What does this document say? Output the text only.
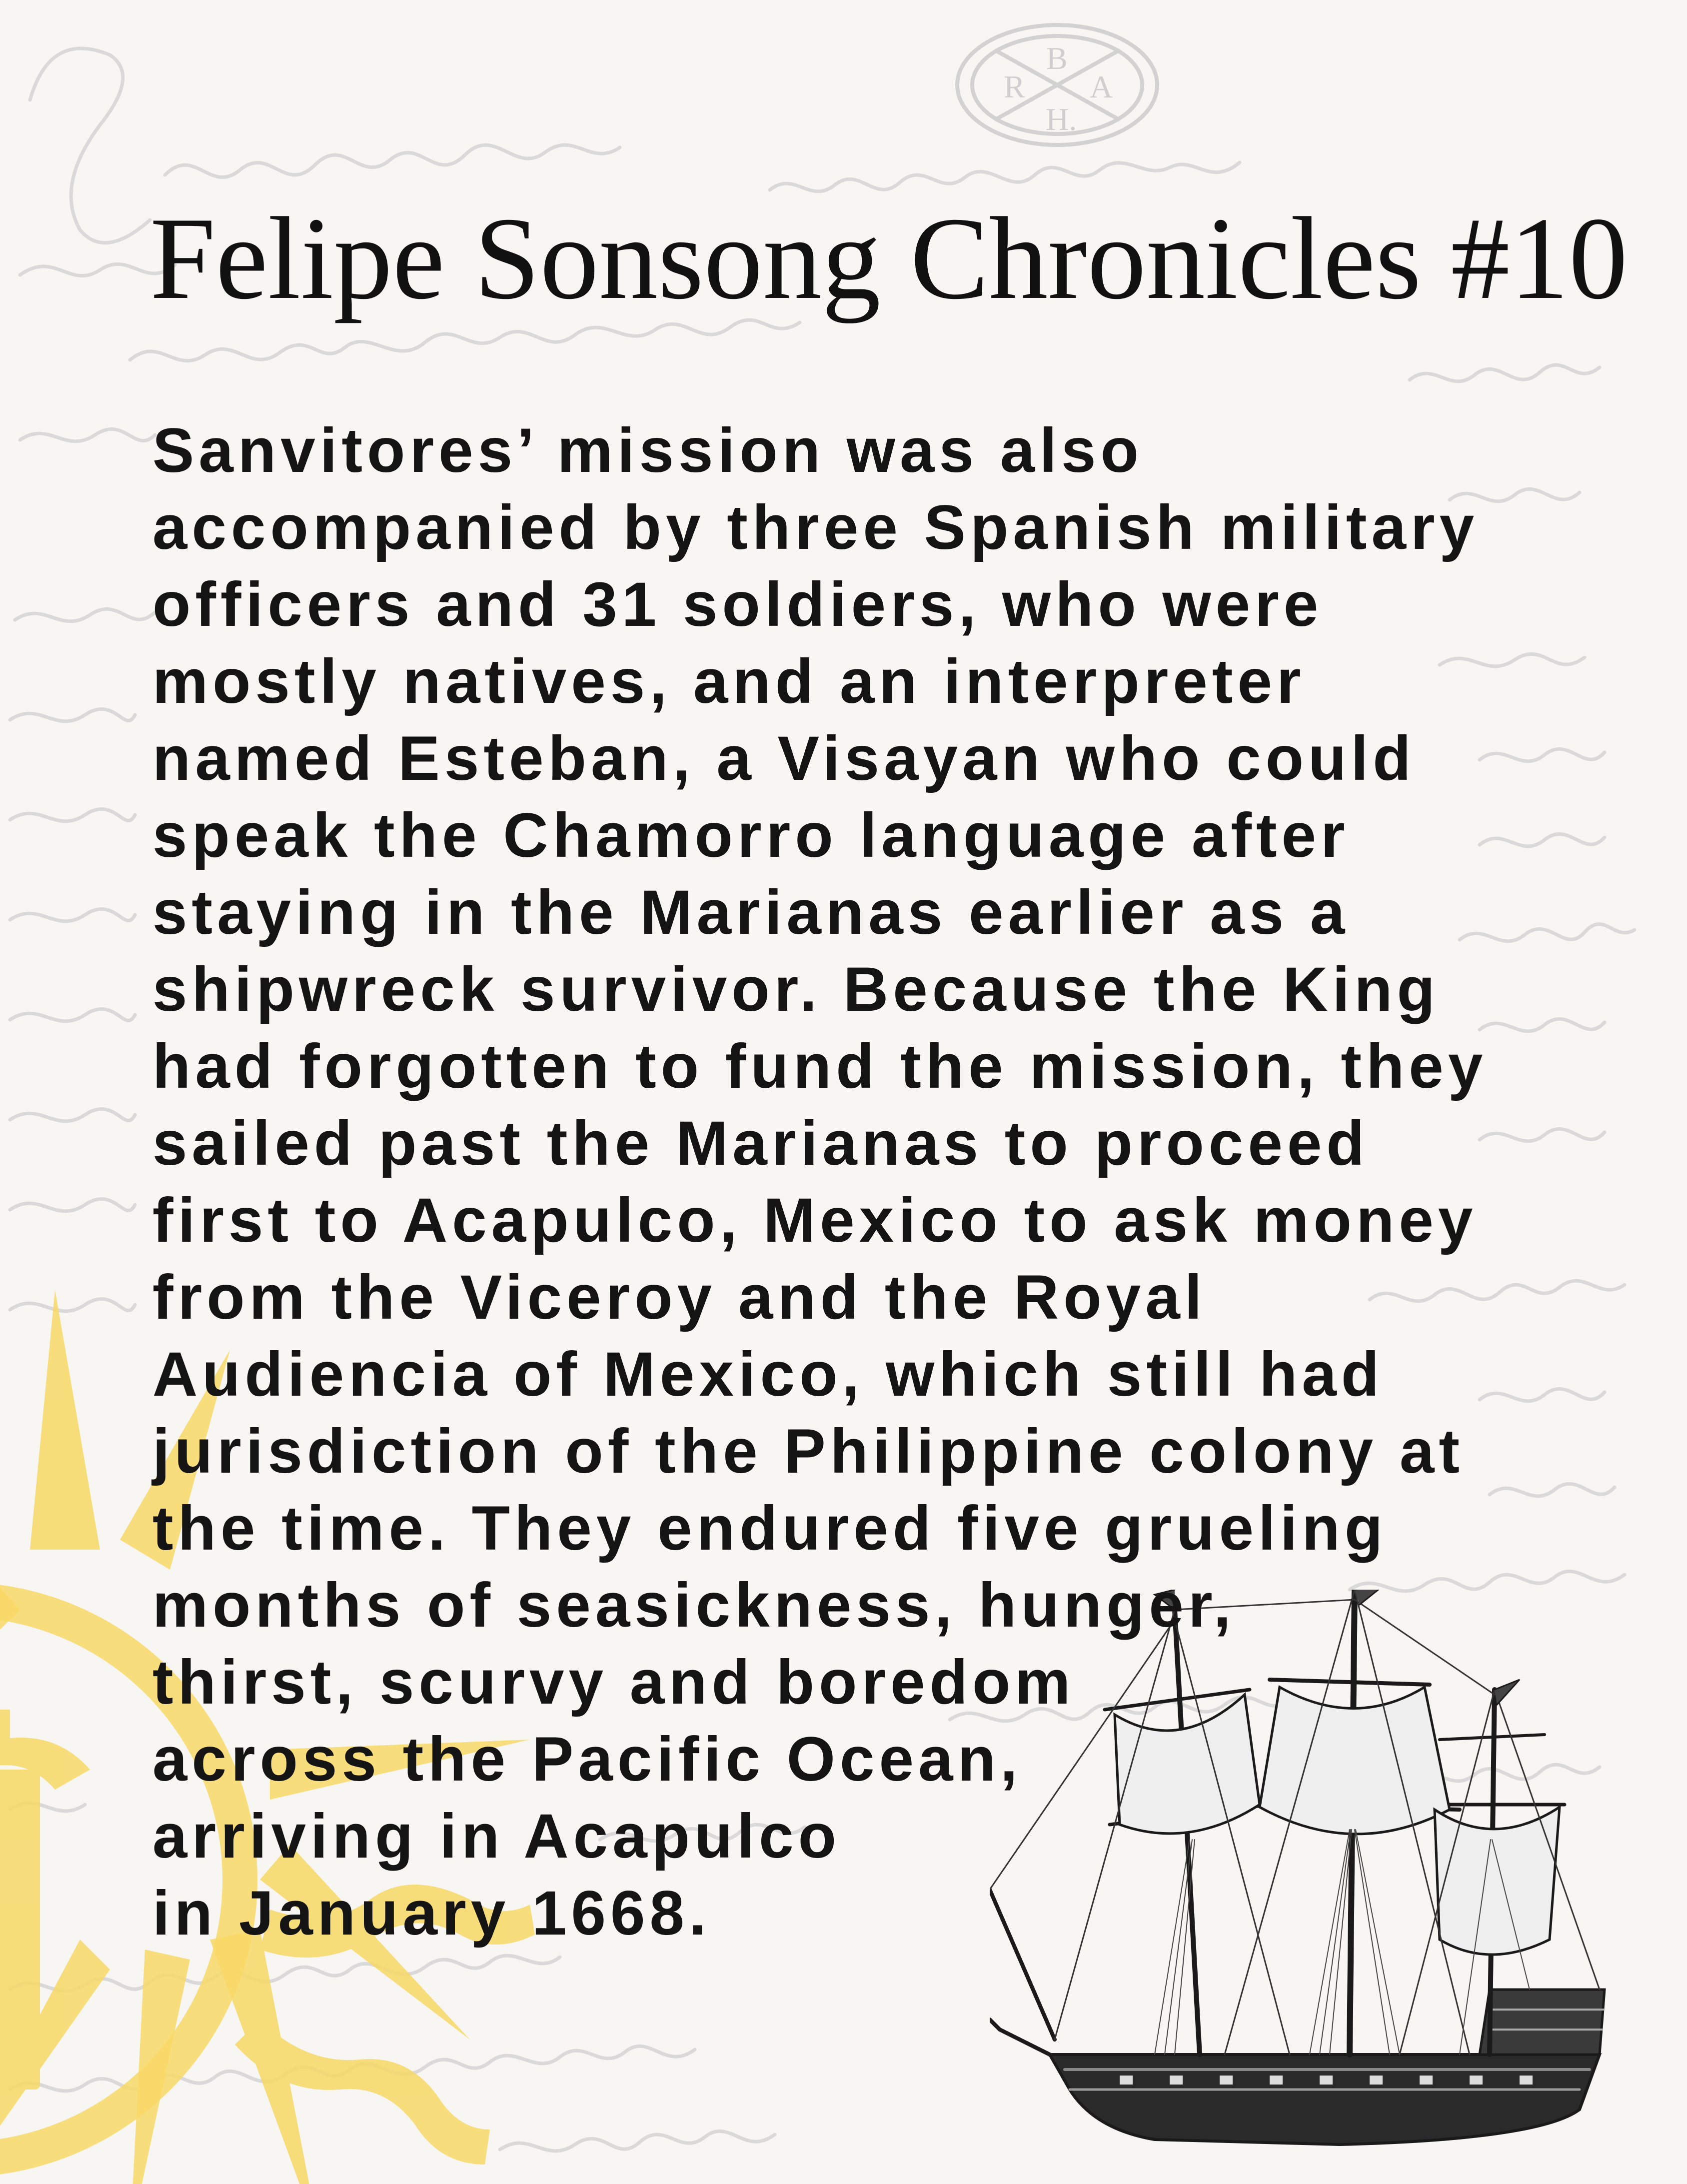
B
R A
H.
Felipe Sonsong Chronicles #10
Sanvitores’ mission was also
accompanied by three Spanish military
officers and 31 soldiers, who were
mostly natives, and an interpreter
named Esteban, a Visayan who could
speak the Chamorro language after
staying in the Marianas earlier as a
shipwreck survivor. Because the King
had forgotten to fund the mission, they
sailed past the Marianas to proceed
first to Acapulco, Mexico to ask money
from the Viceroy and the Royal
Audiencia of Mexico, which still had
jurisdiction of the Philippine colony at
the time. They endured five grueling
months of seasickness, hunger,
thirst, scurvy and boredom
across the Pacific Ocean,
arriving in Acapulco
in January 1668.
